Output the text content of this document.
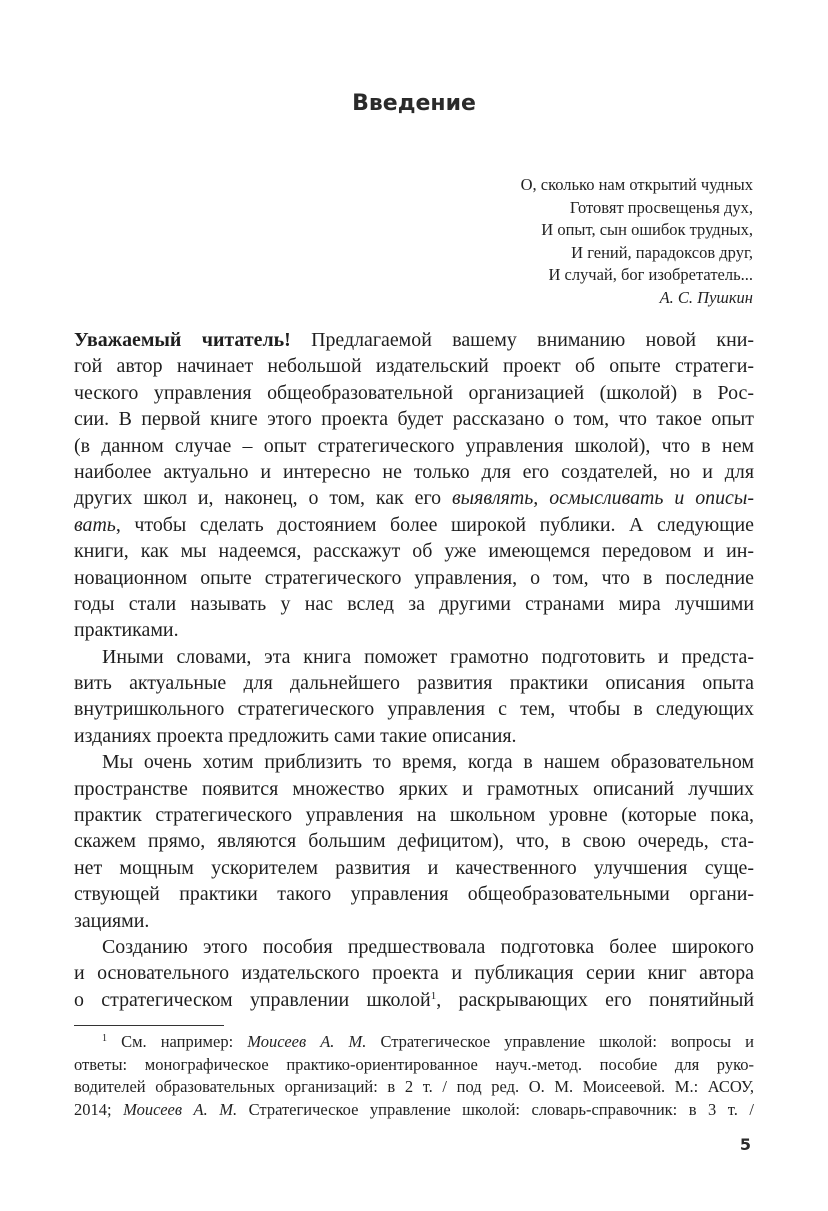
Введение
О, сколько нам открытий чудных
Готовят просвещенья дух,
И опыт, сын ошибок трудных,
И гений, парадоксов друг,
И случай, бог изобретатель...
А. С. Пушкин
Уважаемый читатель! Предлагаемой вашему вниманию новой кни-
гой автор начинает небольшой издательский проект об опыте стратеги-
ческого управления общеобразовательной организацией (школой) в Рос-
сии. В первой книге этого проекта будет рассказано о том, что такое опыт
(в данном случае – опыт стратегического управления школой), что в нем
наиболее актуально и интересно не только для его создателей, но и для
других школ и, наконец, о том, как его выявлять, осмысливать и описы-
вать, чтобы сделать достоянием более широкой публики. А следующие
книги, как мы надеемся, расскажут об уже имеющемся передовом и ин-
новационном опыте стратегического управления, о том, что в последние
годы стали называть у нас вслед за другими странами мира лучшими
практиками.
Иными словами, эта книга поможет грамотно подготовить и предста-
вить актуальные для дальнейшего развития практики описания опыта
внутришкольного стратегического управления с тем, чтобы в следующих
изданиях проекта предложить сами такие описания.
Мы очень хотим приблизить то время, когда в нашем образовательном
пространстве появится множество ярких и грамотных описаний лучших
практик стратегического управления на школьном уровне (которые пока,
скажем прямо, являются большим дефицитом), что, в свою очередь, ста-
нет мощным ускорителем развития и качественного улучшения суще-
ствующей практики такого управления общеобразовательными органи-
зациями.
Созданию этого пособия предшествовала подготовка более широкого
и основательного издательского проекта и публикация серии книг автора
о стратегическом управлении школой$^1$, раскрывающих его понятийный
$^1$ См. например: Моисеев А. М. Стратегическое управление школой: вопросы и
ответы: монографическое практико-ориентированное науч.-метод. пособие для руко-
водителей образовательных организаций: в 2 т. / под ред. О. М. Моисеевой. М.: АСОУ,
2014; Моисеев А. М. Стратегическое управление школой: словарь-справочник: в 3 т. /
5
